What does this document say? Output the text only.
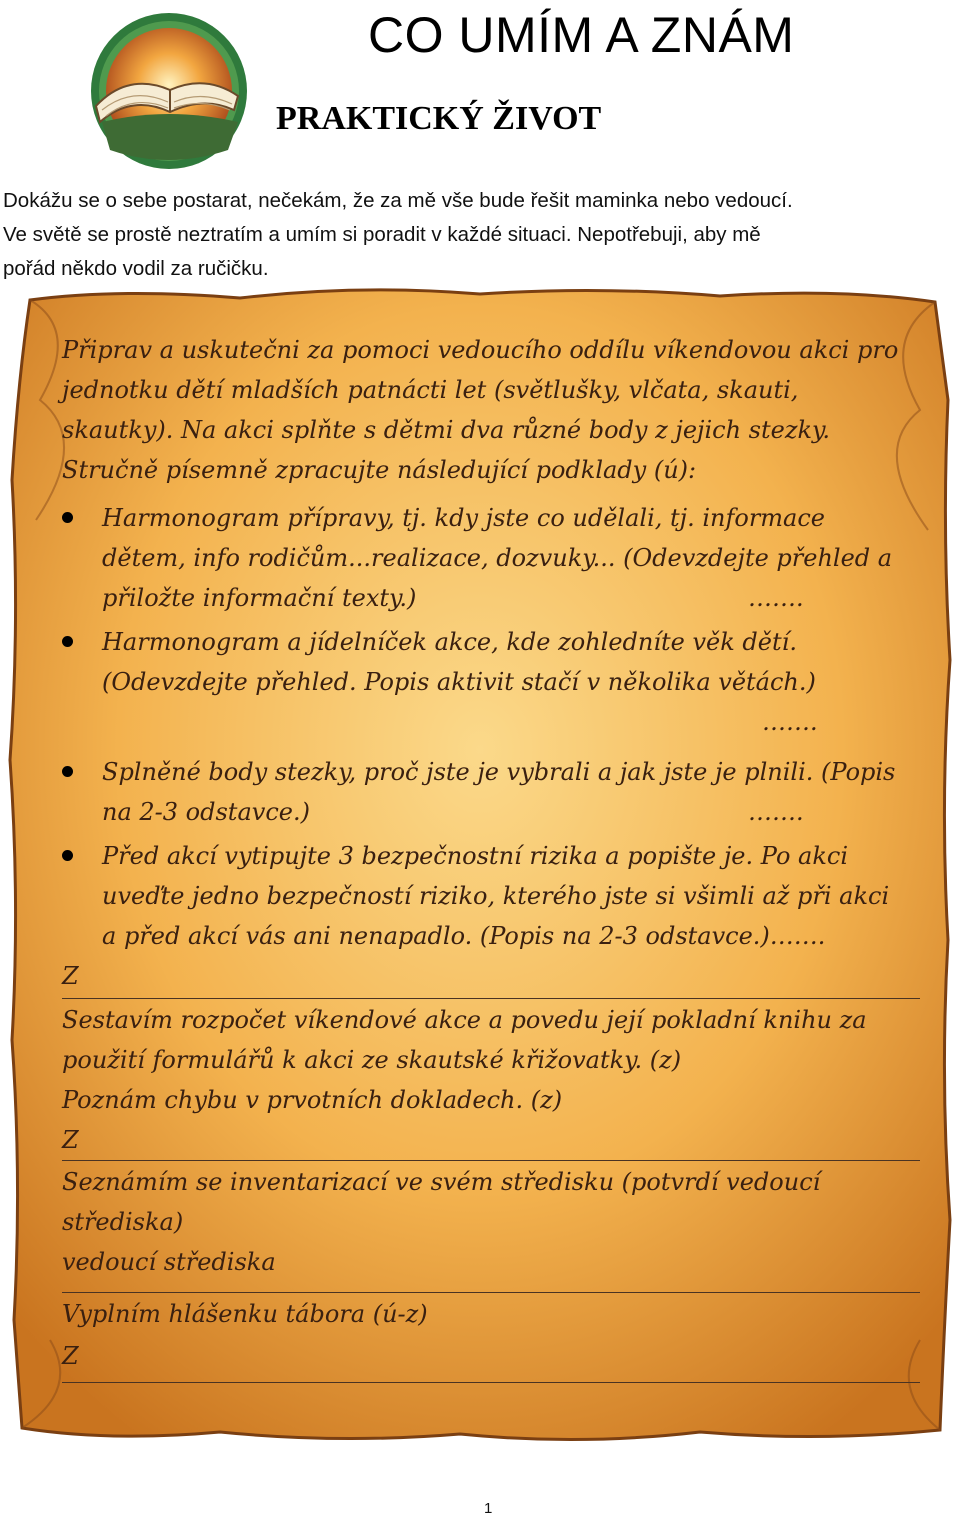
CO UMÍM A ZNÁM
PRAKTICKÝ ŽIVOT
Dokážu se o sebe postarat, nečekám, že za mě vše bude řešit maminka nebo vedoucí.
Ve světě se prostě neztratím a umím si poradit v každé situaci. Nepotřebuji, aby mě
pořád někdo vodil za ručičku.

Připrav a uskutečni za pomoci vedoucího oddílu víkendovou akci pro

jednotku dětí mladších patnácti let (světlušky, vlčata, skauti,

skautky). Na akci splňte s dětmi dva různé body z jejich stezky.

Stručně písemně zpracujte následující podklady (ú):

Harmonogram přípravy, tj. kdy jste co udělali, tj. informace

dětem, info rodičům...realizace, dozvuky... (Odevzdejte přehled a

přiložte informační texty.)	…….

Harmonogram a jídelníček akce, kde zohledníte věk dětí.

(Odevzdejte přehled. Popis aktivit stačí v několika větách.)

…….

Splněné body stezky, proč jste je vybrali a jak jste je plnili. (Popis

na 2-3 odstavce.)	…….

Před akcí vytipujte 3 bezpečnostní rizika a popište je. Po akci

uveďte jedno bezpečností riziko, kterého jste si všimli až při akci

a před akcí vás ani nenapadlo. (Popis na 2-3 odstavce.)…….

Z

Sestavím rozpočet víkendové akce a povedu její pokladní knihu za

použití formulářů k akci ze skautské křižovatky. (z)

Poznám chybu v prvotních dokladech. (z)

Z

Seznámím se inventarizací ve svém středisku (potvrdí vedoucí

střediska)

vedoucí střediska

Vyplním hlášenku tábora (ú-z)

Z

1
